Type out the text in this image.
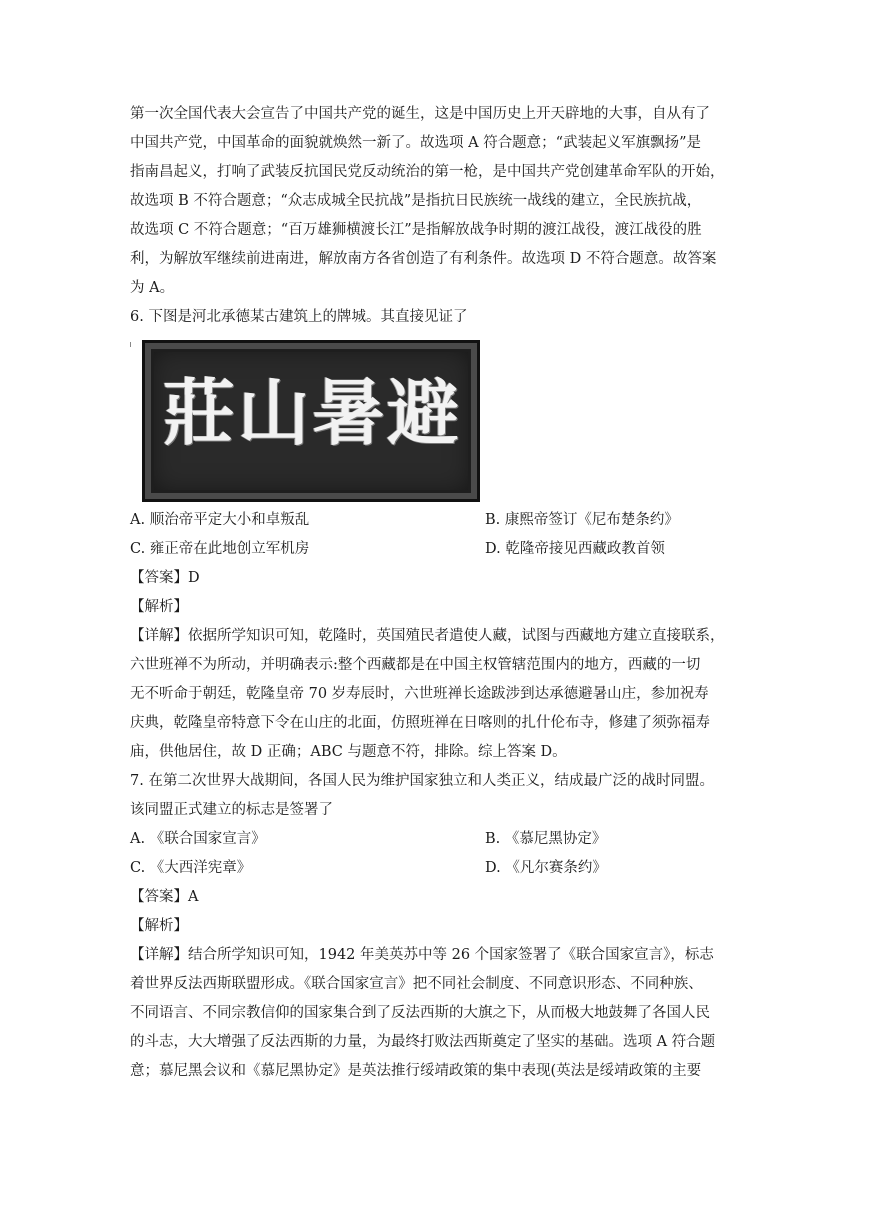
第一次全国代表大会宣告了中国共产党的诞生，这是中国历史上开天辟地的大事，自从有了
中国共产党，中国革命的面貌就焕然一新了。故选项 A 符合题意；“武装起义军旗飘扬”是
指南昌起义，打响了武装反抗国民党反动统治的第一枪，是中国共产党创建革命军队的开始，
故选项 B 不符合题意；“众志成城全民抗战”是指抗日民族统一战线的建立，全民族抗战，
故选项 C 不符合题意；“百万雄狮横渡长江”是指解放战争时期的渡江战役，渡江战役的胜
利，为解放军继续前进南进，解放南方各省创造了有利条件。故选项 D 不符合题意。故答案
为 A。
6. 下图是河北承德某古建筑上的牌城。其直接见证了
莊 山 暑 避
A. 顺治帝平定大小和卓叛乱	B. 康熙帝签订《尼布楚条约》
C. 雍正帝在此地创立军机房	D. 乾隆帝接见西藏政教首领
【答案】D
【解析】
【详解】依据所学知识可知，乾隆时，英国殖民者遣使人藏，试图与西藏地方建立直接联系，
六世班禅不为所动，并明确表示:整个西藏都是在中国主权管辖范围内的地方，西藏的一切
无不听命于朝廷，乾隆皇帝 70 岁寿辰时，六世班禅长途跋涉到达承德避暑山庄，参加祝寿
庆典，乾隆皇帝特意下令在山庄的北面，仿照班禅在日喀则的扎什伦布寺，修建了须弥福寿
庙，供他居住，故 D 正确；ABC 与题意不符，排除。综上答案 D。
7. 在第二次世界大战期间，各国人民为维护国家独立和人类正义，结成最广泛的战时同盟。
该同盟正式建立的标志是签署了
A. 《联合国家宣言》	B. 《慕尼黑协定》
C. 《大西洋宪章》	D. 《凡尔赛条约》
【答案】A
【解析】
【详解】结合所学知识可知，1942 年美英苏中等 26 个国家签署了《联合国家宣言》，标志
着世界反法西斯联盟形成。《联合国家宣言》把不同社会制度、不同意识形态、不同种族、
不同语言、不同宗教信仰的国家集合到了反法西斯的大旗之下，从而极大地鼓舞了各国人民
的斗志，大大增强了反法西斯的力量，为最终打败法西斯奠定了坚实的基础。选项 A 符合题
意；慕尼黑会议和《慕尼黑协定》是英法推行绥靖政策的集中表现(英法是绥靖政策的主要
